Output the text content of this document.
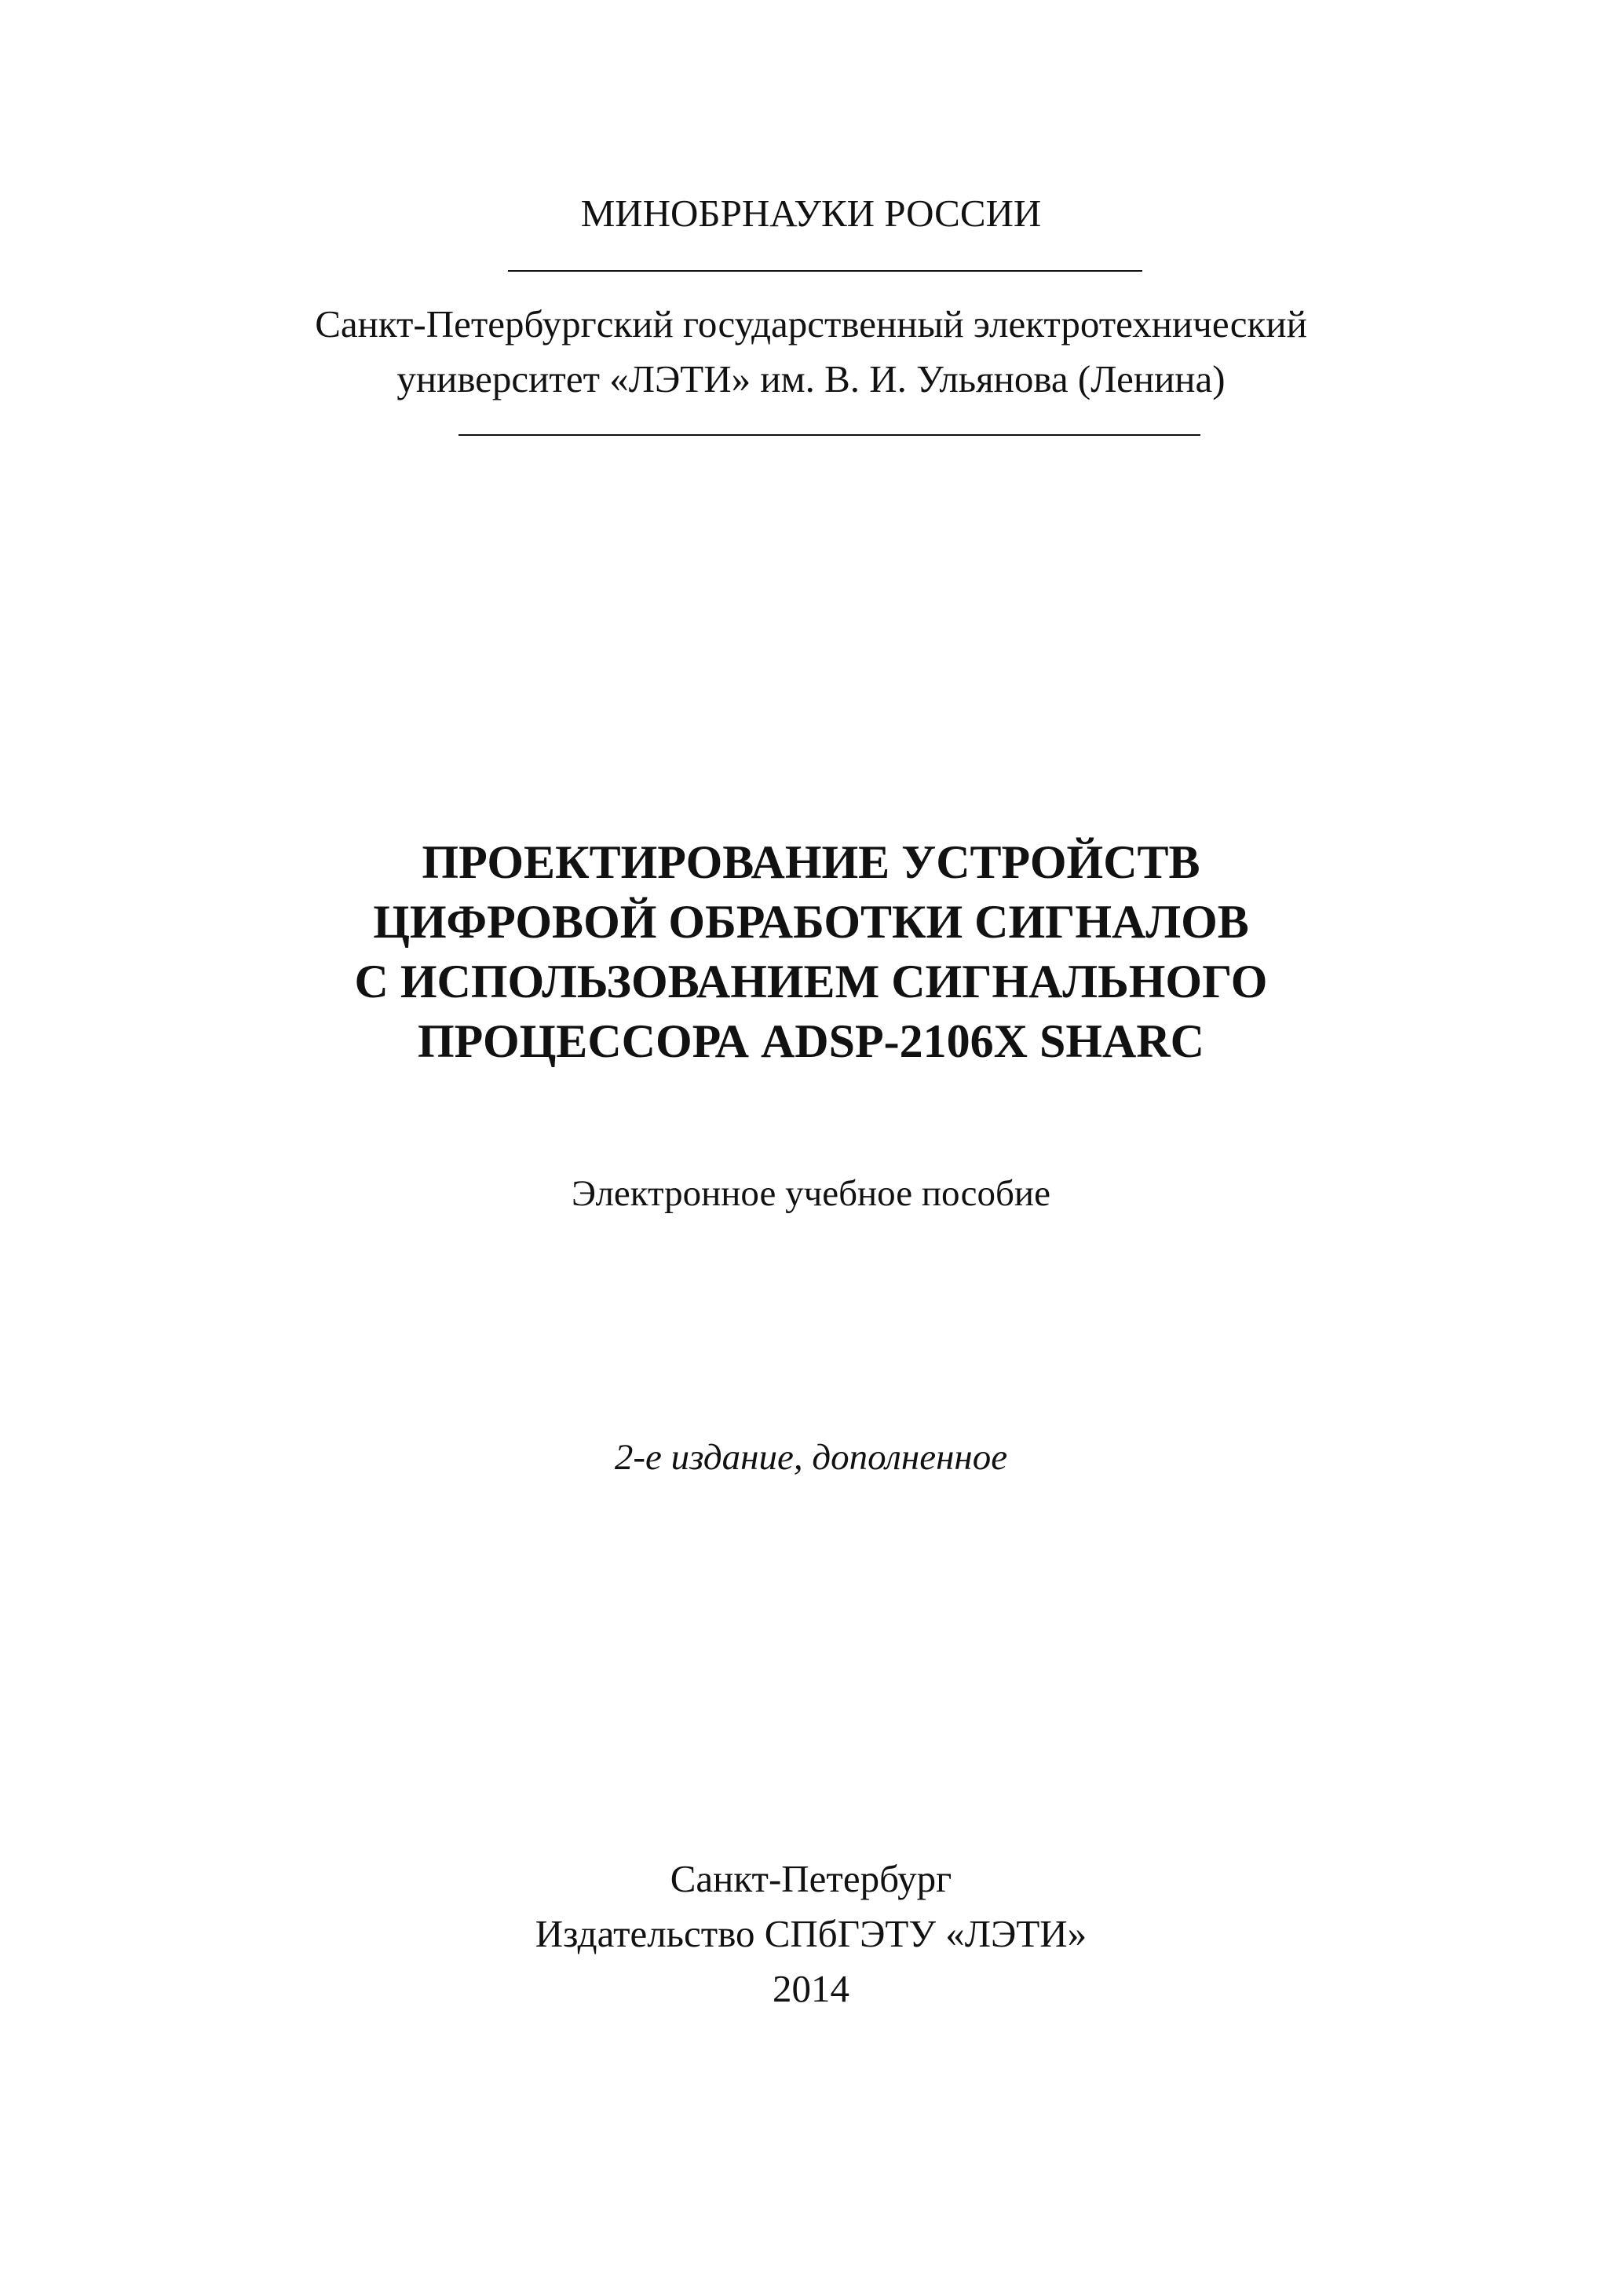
МИНОБРНАУКИ РОССИИ
Санкт-Петербургский государственный электротехнический
университет «ЛЭТИ» им. В. И. Ульянова (Ленина)
ПРОЕКТИРОВАНИЕ УСТРОЙСТВ
ЦИФРОВОЙ ОБРАБОТКИ СИГНАЛОВ
С ИСПОЛЬЗОВАНИЕМ СИГНАЛЬНОГО
ПРОЦЕССОРА ADSP-2106X SHARC
Электронное учебное пособие
2-е издание, дополненное
Санкт-Петербург
Издательство СПбГЭТУ «ЛЭТИ»
2014
